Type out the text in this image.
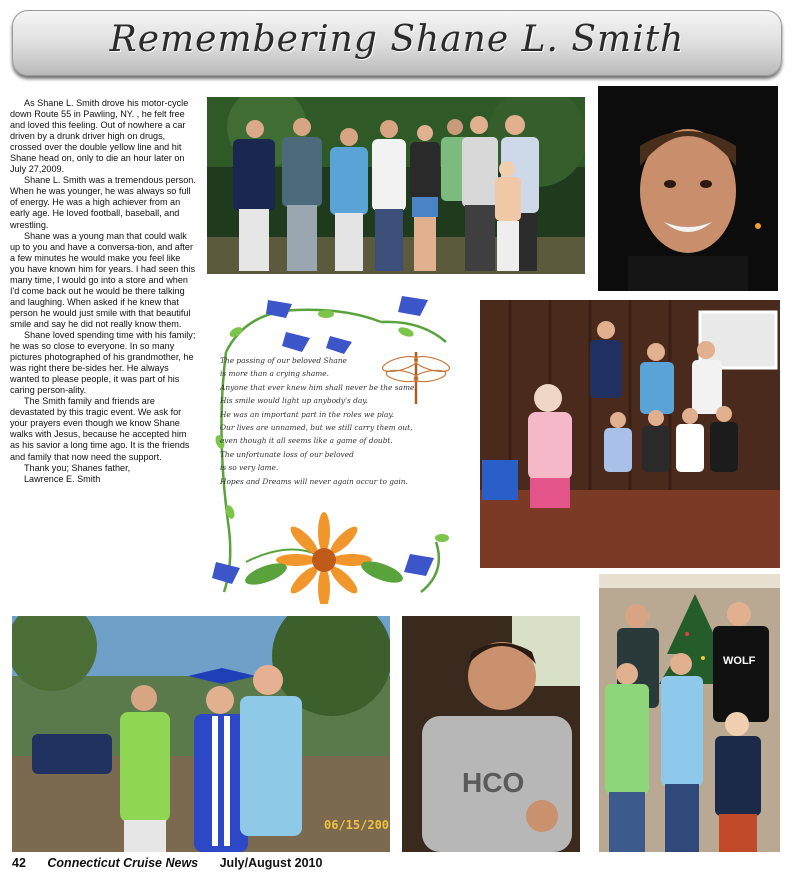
Remembering Shane L. Smith

As Shane L. Smith drove his motor-cycle down Route 55 in Pawling, NY. , he felt free and loved this feeling. Out of nowhere a car driven by a drunk driver high on drugs, crossed over the double yellow line and hit Shane head on, only to die an hour later on July 27,2009.

Shane L. Smith was a tremendous person. When he was younger, he was always so full of energy. He was a high achiever from an early age. He loved football, baseball, and wrestling.

Shane was a young man that could walk up to you and have a conversa-tion, and after a few minutes he would make you feel like you have known him for years. I had seen this many time, I would go into a store and when I'd come back out he would be there talking and laughing. When asked if he knew that person he would just smile with that beautiful smile and say he did not really know them.

Shane loved spending time with his family; he was so close to everyone. In so many pictures photographed of his grandmother, he was right there be-sides her. He always wanted to please people, it was part of his caring person-ality.

The Smith family and friends are devastated by this tragic event. We ask for your prayers even though we know Shane walks with Jesus, because he accepted him as his savior a long time ago. It is the friends and family that now need the support.

Thank you; Shanes father,

Lawrence E. Smith

The passing of our beloved Shane
is more than a crying shame.
Anyone that ever knew him shall never be the same.
His smile would light up anybody's day.
He was an important part in the roles we play.
Our lives are unnamed, but we still carry them out,
even though it all seems like a game of doubt.
The unfortunate loss of our beloved
is so very lame.
Hopes and Dreams will never again occur to gain.
06/15/200
HCO
WOLF
42 Connecticut Cruise News July/August 2010
